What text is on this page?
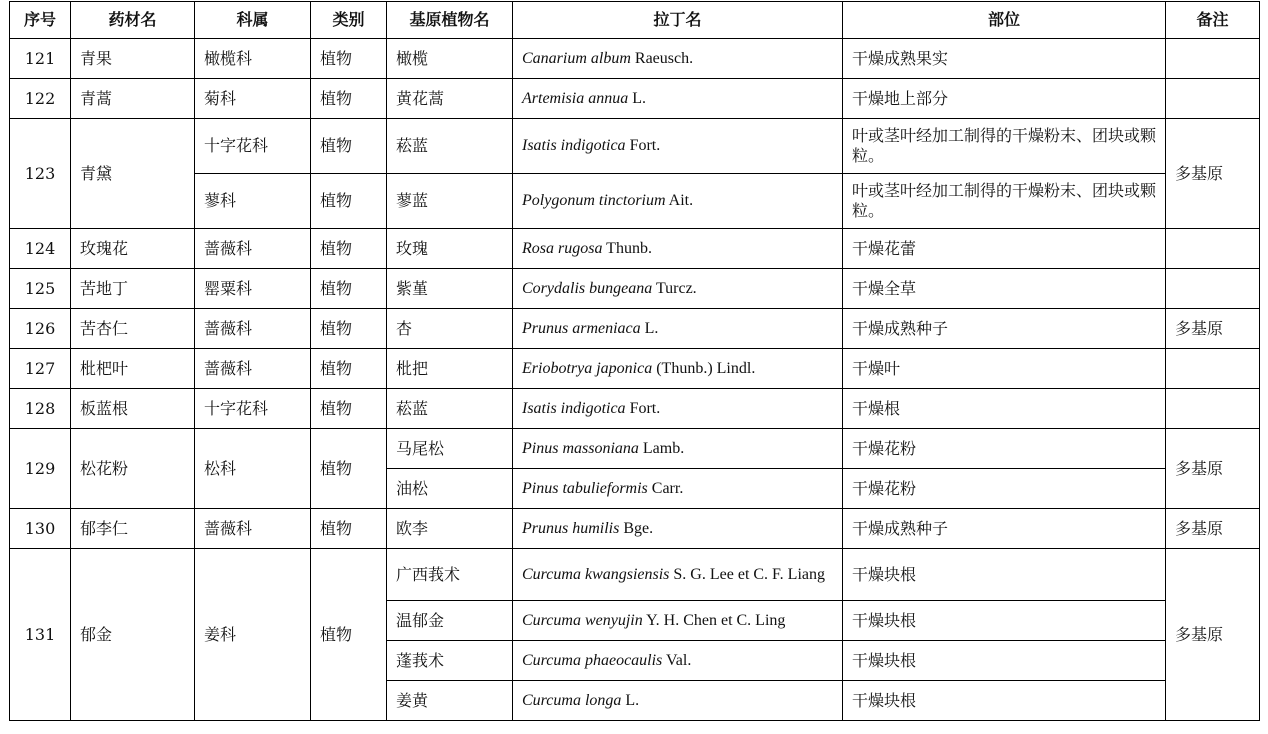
序号	药材名	科属	类别	基原植物名	拉丁名	部位	备注
121	青果	橄榄科	植物	橄榄	Canarium album Raeusch.	干燥成熟果实	
122	青蒿	菊科	植物	黄花蒿	Artemisia annua L.	干燥地上部分	
123	青黛	十字花科	植物	菘蓝	Isatis indigotica Fort.	叶或茎叶经加工制得的干燥粉末、团块或颗粒。	多基原
		蓼科	植物	蓼蓝	Polygonum tinctorium Ait.	叶或茎叶经加工制得的干燥粉末、团块或颗粒。	
124	玫瑰花	蔷薇科	植物	玫瑰	Rosa rugosa Thunb.	干燥花蕾	
125	苦地丁	罂粟科	植物	紫堇	Corydalis bungeana Turcz.	干燥全草	
126	苦杏仁	蔷薇科	植物	杏	Prunus armeniaca L.	干燥成熟种子	多基原
127	枇杷叶	蔷薇科	植物	枇把	Eriobotrya japonica (Thunb.) Lindl.	干燥叶	
128	板蓝根	十字花科	植物	菘蓝	Isatis indigotica Fort.	干燥根	
129	松花粉	松科	植物	马尾松	Pinus massoniana Lamb.	干燥花粉	多基原
				油松	Pinus tabulieformis Carr.	干燥花粉	
130	郁李仁	蔷薇科	植物	欧李	Prunus humilis Bge.	干燥成熟种子	多基原
131	郁金	姜科	植物	广西莪术	Curcuma kwangsiensis S. G. Lee et C. F. Liang	干燥块根	多基原
				温郁金	Curcuma wenyujin Y. H. Chen et C. Ling	干燥块根	
				蓬莪术	Curcuma phaeocaulis Val.	干燥块根	
				姜黄	Curcuma longa L.	干燥块根	
